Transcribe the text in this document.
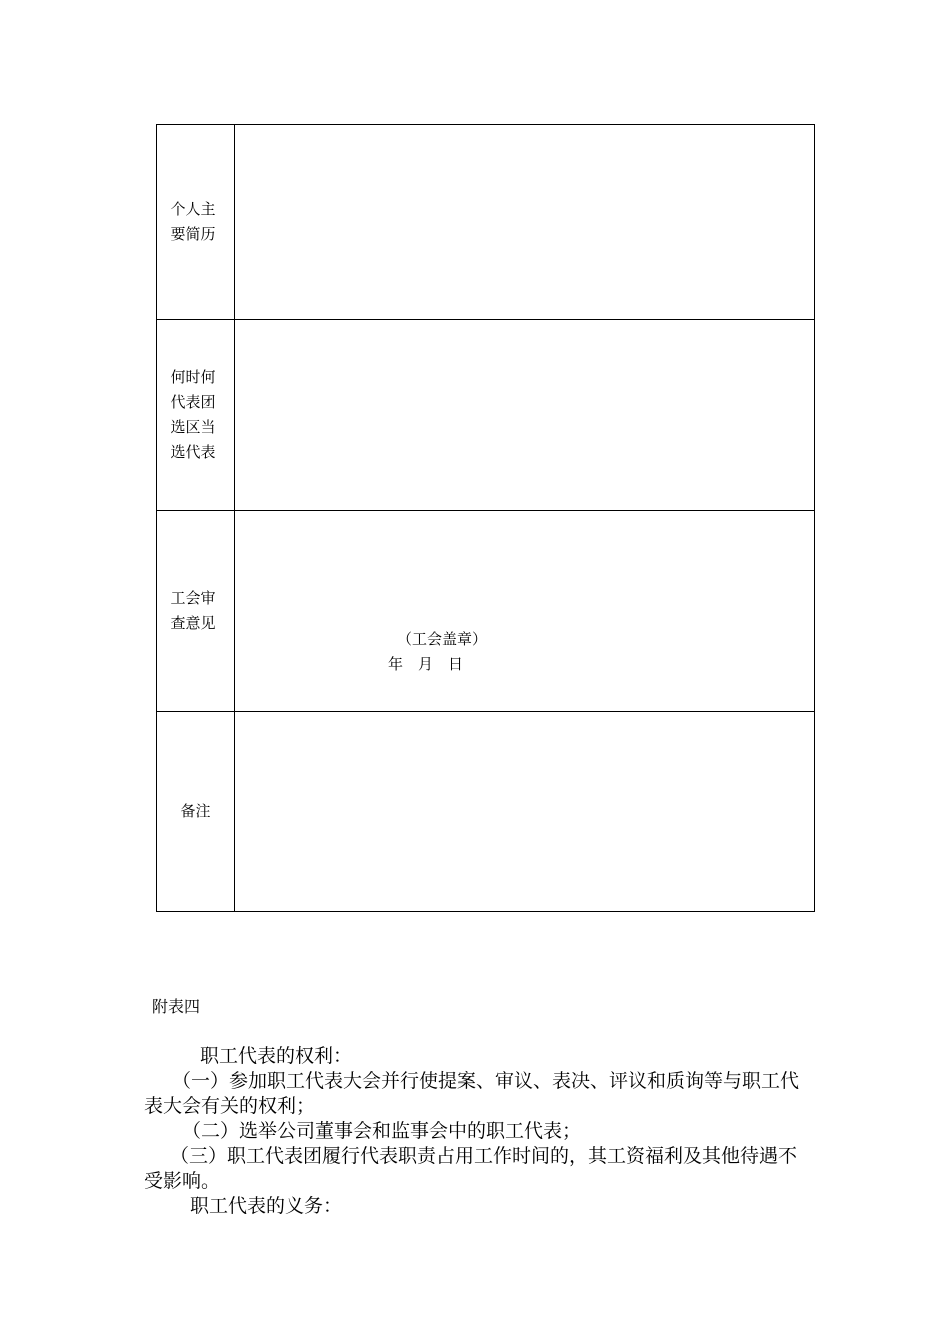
个人主要简历	
何时何代表团选区当选代表	
工会审查意见	（工会盖章）
年　月　日

备注	
附表四

职工代表的权利：

（一）参加职工代表大会并行使提案、审议、表决、评议和质询等与职工代表大会有关的权利；

（二）选举公司董事会和监事会中的职工代表；

（三）职工代表团履行代表职责占用工作时间的，其工资福利及其他待遇不受影响。

职工代表的义务：
